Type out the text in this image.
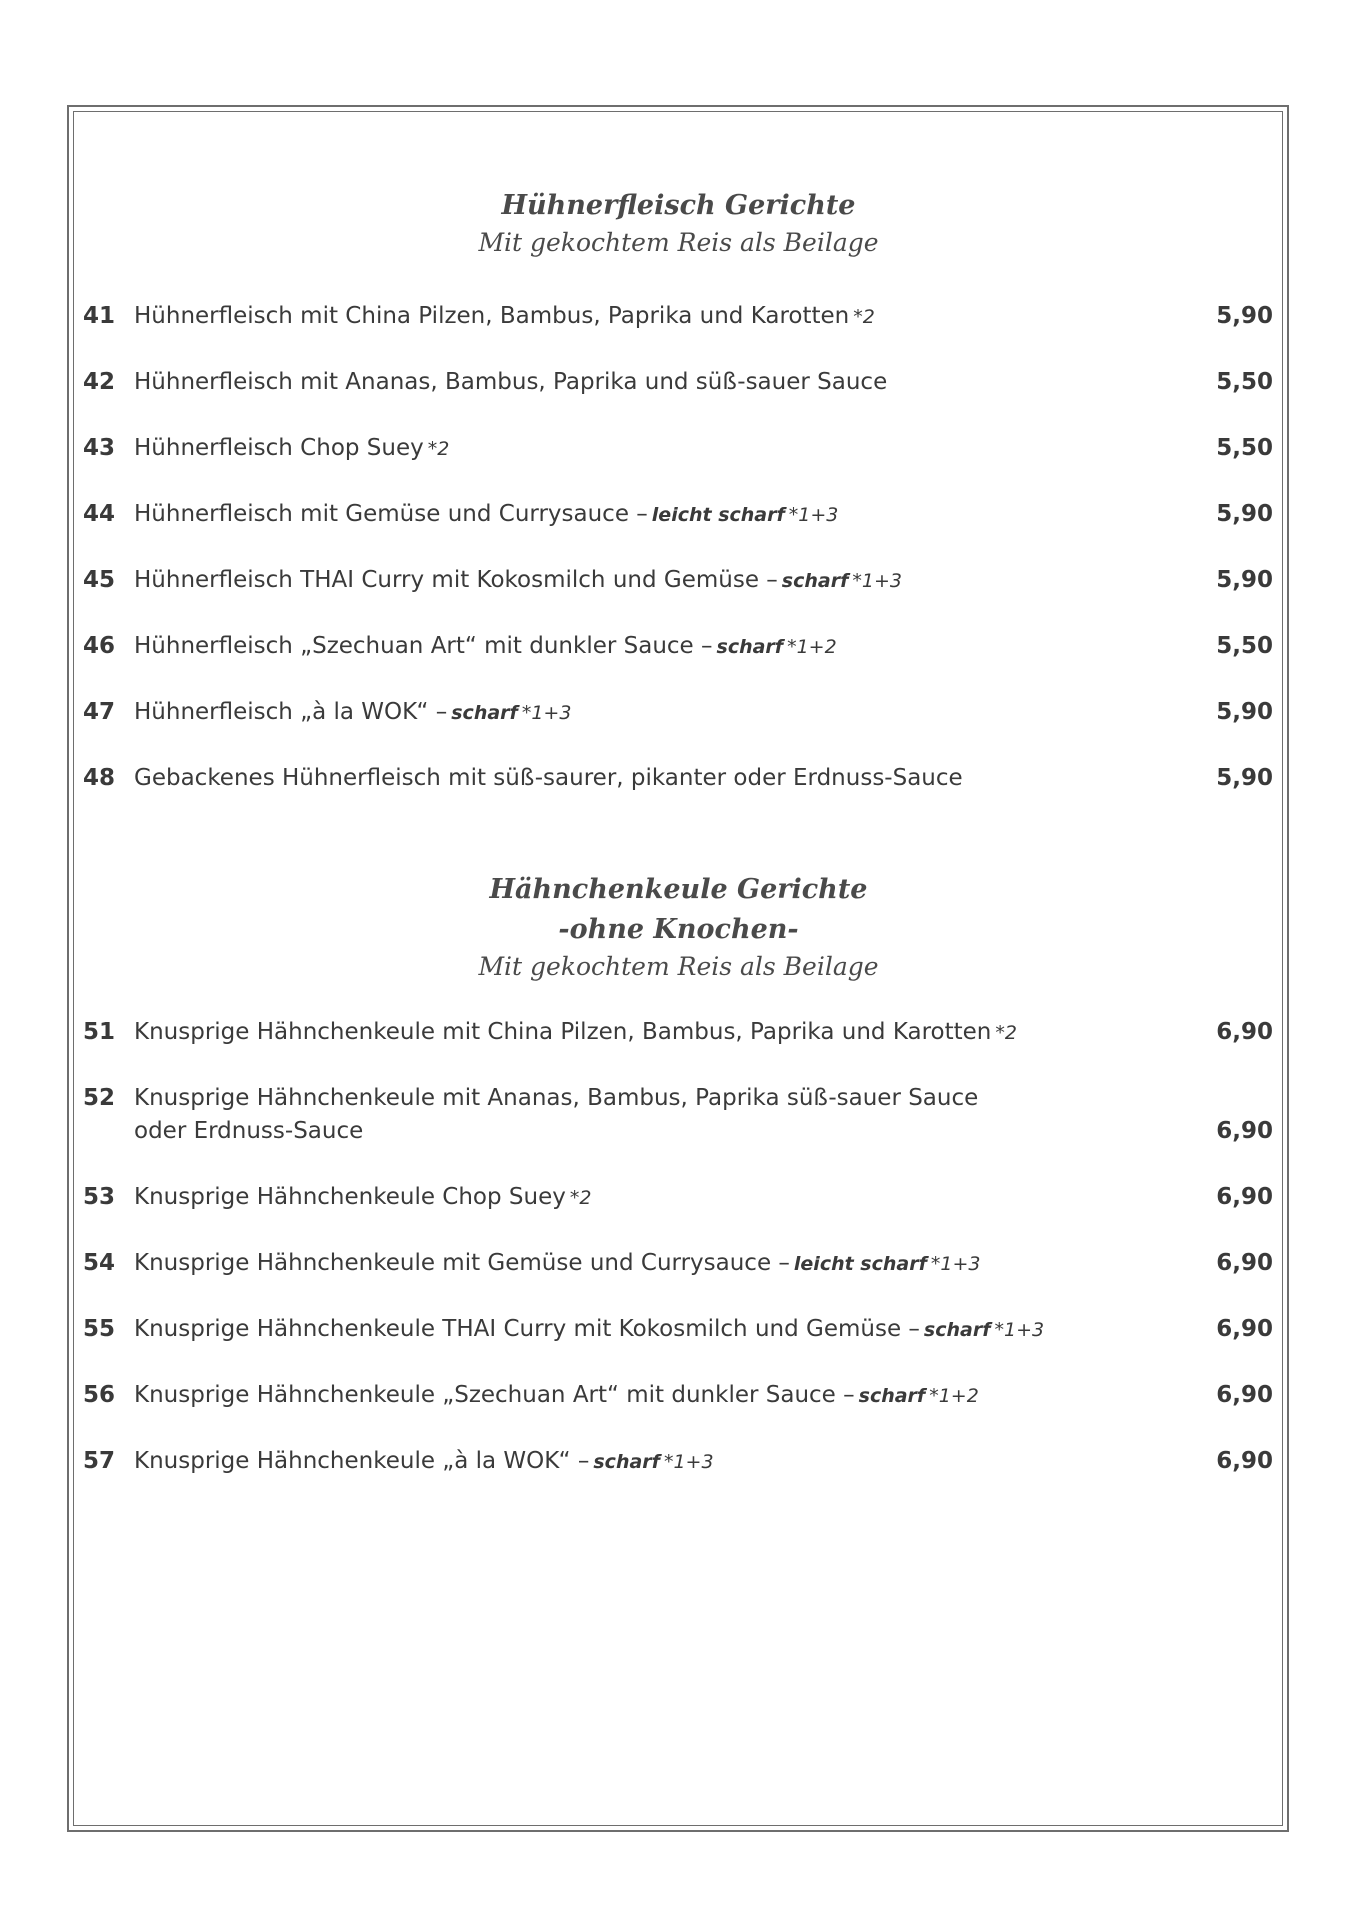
Hühnerfleisch Gerichte
Mit gekochtem Reis als Beilage
41 Hühnerfleisch mit China Pilzen, Bambus, Paprika und Karotten *2	5,90
42 Hühnerfleisch mit Ananas, Bambus, Paprika und süß-sauer Sauce	5,50
43 Hühnerfleisch Chop Suey *2	5,50
44 Hühnerfleisch mit Gemüse und Currysauce – leicht scharf *1+3	5,90
45 Hühnerfleisch THAI Curry mit Kokosmilch und Gemüse – scharf *1+3	5,90
46 Hühnerfleisch „Szechuan Art“ mit dunkler Sauce – scharf *1+2	5,50
47 Hühnerfleisch „à la WOK“ – scharf *1+3	5,90
48 Gebackenes Hühnerfleisch mit süß-saurer, pikanter oder Erdnuss-Sauce	5,90
Hähnchenkeule Gerichte
-ohne Knochen-
Mit gekochtem Reis als Beilage
51 Knusprige Hähnchenkeule mit China Pilzen, Bambus, Paprika und Karotten *2	6,90
52 Knusprige Hähnchenkeule mit Ananas, Bambus, Paprika süß-sauer Sauce
oder Erdnuss-Sauce	6,90
53 Knusprige Hähnchenkeule Chop Suey *2	6,90
54 Knusprige Hähnchenkeule mit Gemüse und Currysauce – leicht scharf *1+3	6,90
55 Knusprige Hähnchenkeule THAI Curry mit Kokosmilch und Gemüse – scharf *1+3	6,90
56 Knusprige Hähnchenkeule „Szechuan Art“ mit dunkler Sauce – scharf *1+2	6,90
57 Knusprige Hähnchenkeule „à la WOK“ – scharf *1+3	6,90
